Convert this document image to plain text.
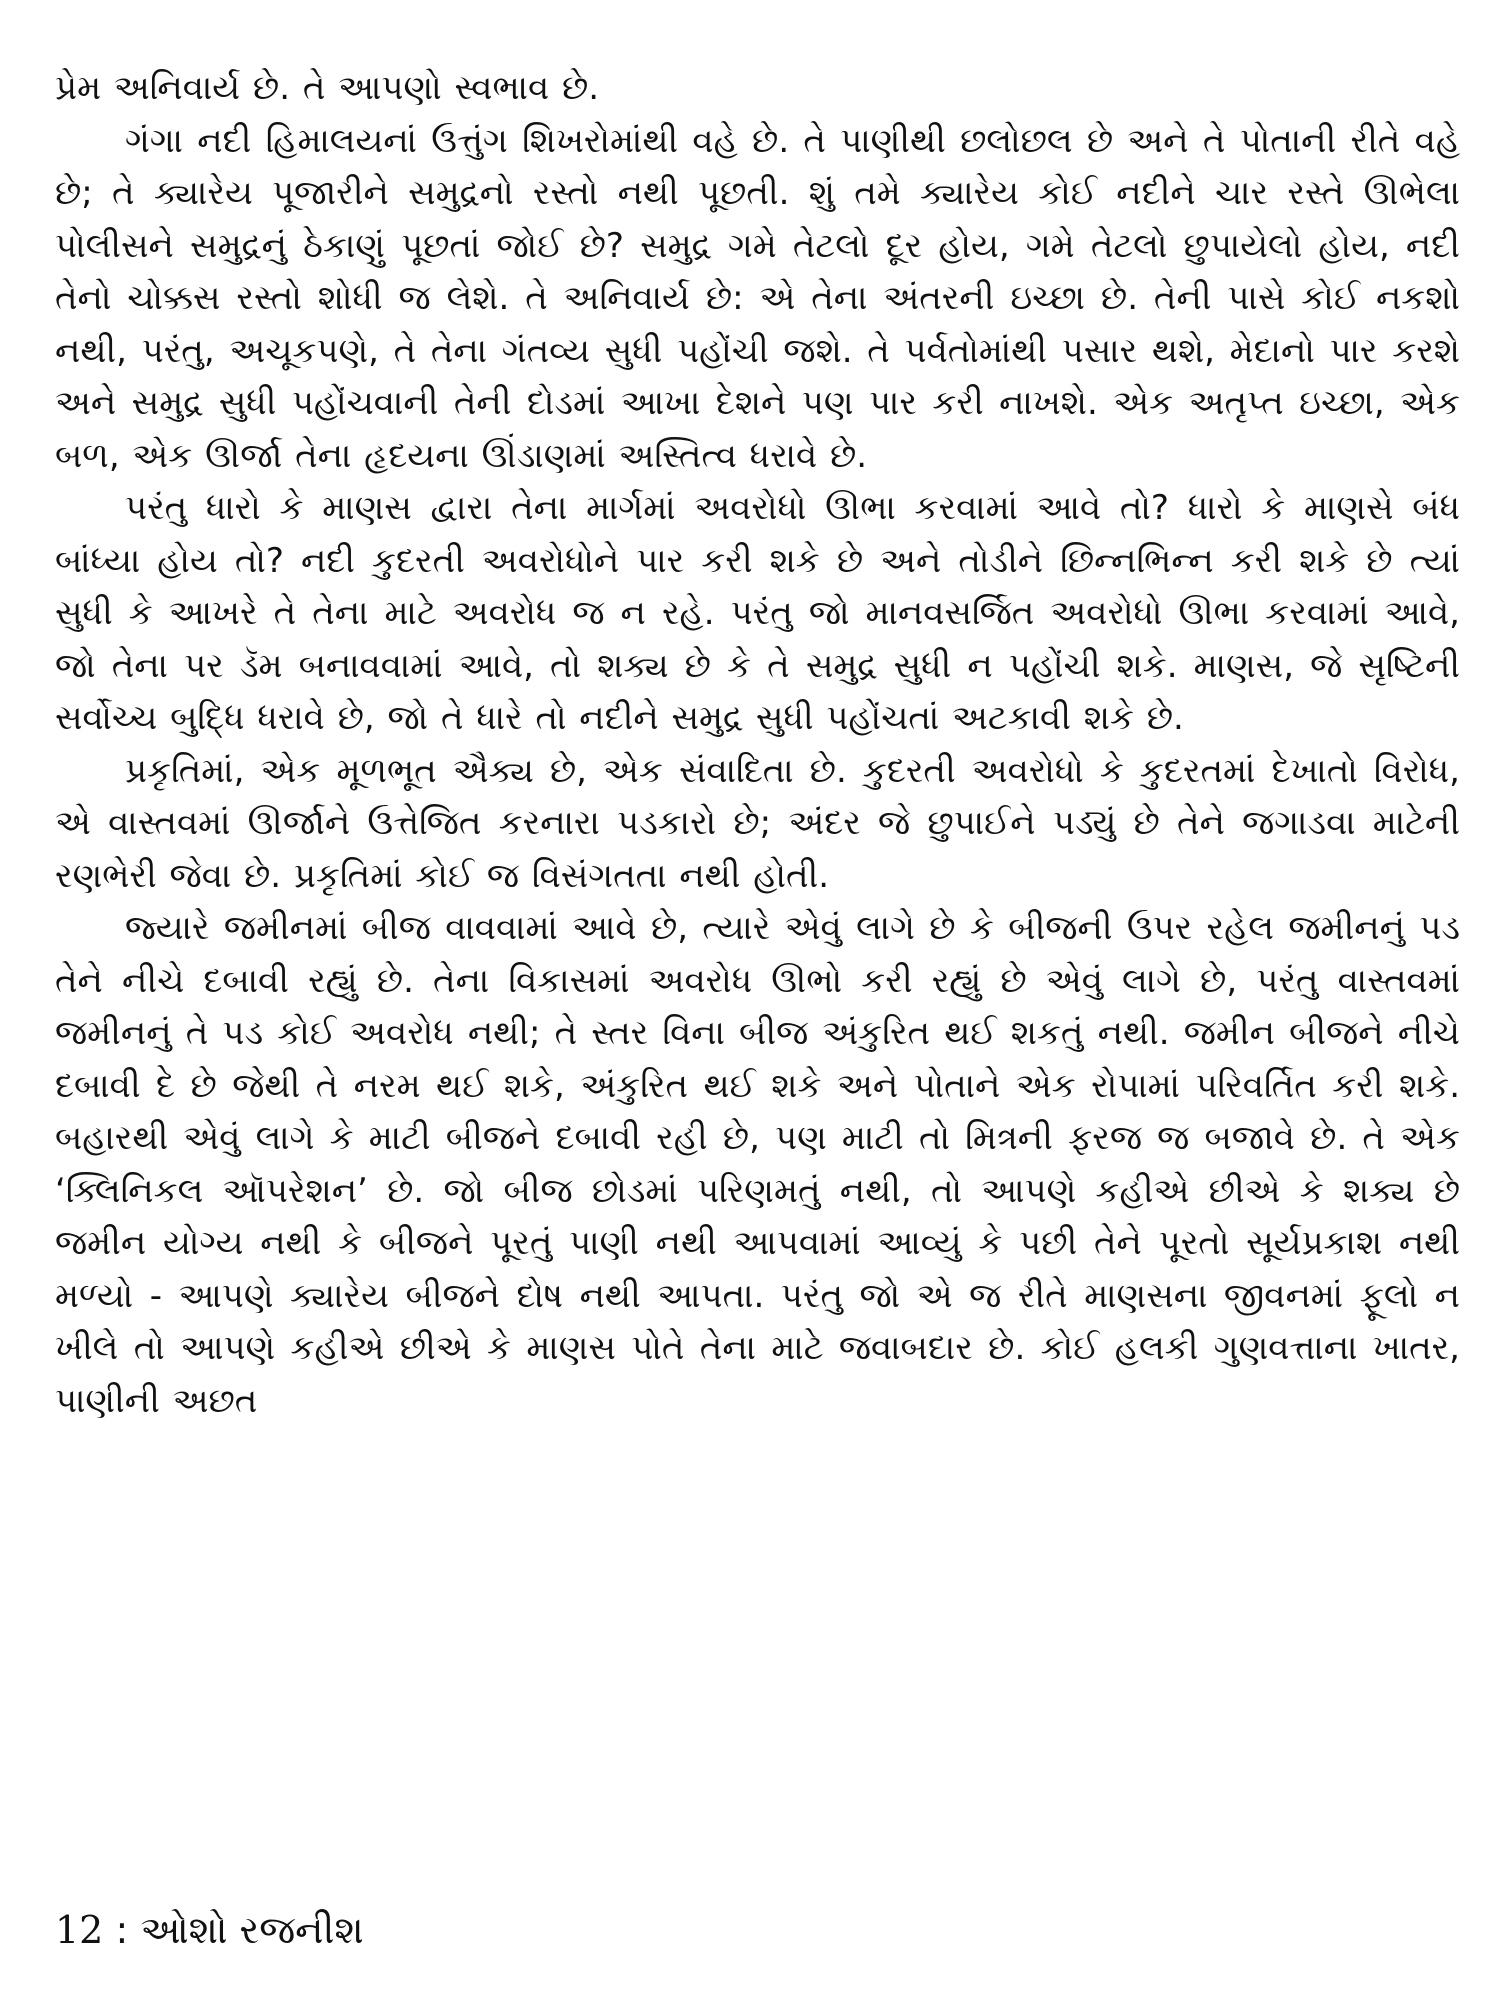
પ્રેમ અનિવાર્ય છે. તે આપણો સ્વભાવ છે.

ગંગા નદી હિમાલયનાં ઉત્તુંગ શિખરોમાંથી વહે છે. તે પાણીથી છલોછલ છે અને તે પોતાની રીતે વહે છે; તે ક્યારેય પૂજારીને સમુદ્રનો રસ્તો નથી પૂછતી. શું તમે ક્યારેય કોઈ નદીને ચાર રસ્તે ઊભેલા પોલીસને સમુદ્રનું ઠેકાણું પૂછતાં જોઈ છે? સમુદ્ર ગમે તેટલો દૂર હોય, ગમે તેટલો છુપાયેલો હોય, નદી તેનો ચોક્કસ રસ્તો શોધી જ લેશે. તે અનિવાર્ય છે: એ તેના અંતરની ઇચ્છા છે. તેની પાસે કોઈ નકશો નથી, પરંતુ, અચૂકપણે, તે તેના ગંતવ્ય સુધી પહોંચી જશે. તે પર્વતોમાંથી પસાર થશે, મેદાનો પાર કરશે અને સમુદ્ર સુધી પહોંચવાની તેની દોડમાં આખા દેશને પણ પાર કરી નાખશે. એક અતૃપ્ત ઇચ્છા, એક બળ, એક ઊર્જા તેના હૃદયના ઊંડાણમાં અસ્તિત્વ ધરાવે છે.

પરંતુ ધારો કે માણસ દ્વારા તેના માર્ગમાં અવરોધો ઊભા કરવામાં આવે તો? ધારો કે માણસે બંધ બાંધ્યા હોય તો? નદી કુદરતી અવરોધોને પાર કરી શકે છે અને તોડીને છિન્નભિન્ન કરી શકે છે ત્યાં સુધી કે આખરે તે તેના માટે અવરોધ જ ન રહે. પરંતુ જો માનવસર્જિત અવરોધો ઊભા કરવામાં આવે, જો તેના પર ડૅમ બનાવવામાં આવે, તો શક્ય છે કે તે સમુદ્ર સુધી ન પહોંચી શકે. માણસ, જે સૃષ્ટિની સર્વોચ્ચ બુદ્ધિ ધરાવે છે, જો તે ધારે તો નદીને સમુદ્ર સુધી પહોંચતાં અટકાવી શકે છે.

પ્રકૃતિમાં, એક મૂળભૂત ઐક્ય છે, એક સંવાદિતા છે. કુદરતી અવરોધો કે કુદરતમાં દેખાતો વિરોધ, એ વાસ્તવમાં ઊર્જાને ઉત્તેજિત કરનારા પડકારો છે; અંદર જે છુપાઈને પડ્યું છે તેને જગાડવા માટેની રણભેરી જેવા છે. પ્રકૃતિમાં કોઈ જ વિસંગતતા નથી હોતી.

જ્યારે જમીનમાં બીજ વાવવામાં આવે છે, ત્યારે એવું લાગે છે કે બીજની ઉપર રહેલ જમીનનું પડ તેને નીચે દબાવી રહ્યું છે. તેના વિકાસમાં અવરોધ ઊભો કરી રહ્યું છે એવું લાગે છે, પરંતુ વાસ્તવમાં જમીનનું તે પડ કોઈ અવરોધ નથી; તે સ્તર વિના બીજ અંકુરિત થઈ શકતું નથી. જમીન બીજને નીચે દબાવી દે છે જેથી તે નરમ થઈ શકે, અંકુરિત થઈ શકે અને પોતાને એક રોપામાં પરિવર્તિત કરી શકે. બહારથી એવું લાગે કે માટી બીજને દબાવી રહી છે, પણ માટી તો મિત્રની ફરજ જ બજાવે છે. તે એક ‘ક્લિનિકલ ઑપરેશન’ છે. જો બીજ છોડમાં પરિણમતું નથી, તો આપણે કહીએ છીએ કે શક્ય છે જમીન યોગ્ય નથી કે બીજને પૂરતું પાણી નથી આપવામાં આવ્યું કે પછી તેને પૂરતો સૂર્યપ્રકાશ નથી મળ્યો - આપણે ક્યારેય બીજને દોષ નથી આપતા. પરંતુ જો એ જ રીતે માણસના જીવનમાં ફૂલો ન ખીલે તો આપણે કહીએ છીએ કે માણસ પોતે તેના માટે જવાબદાર છે. કોઈ હલકી ગુણવત્તાના ખાતર, પાણીની અછત

12 : ઓશો રજનીશ
